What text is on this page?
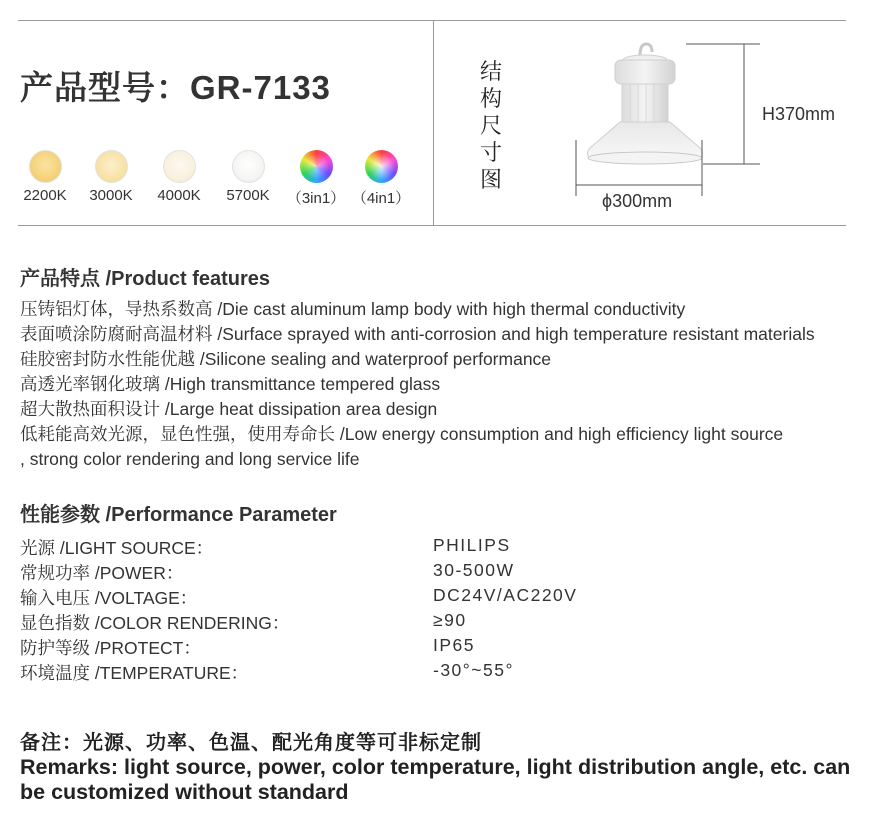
产品型号：GR-7133
2200K	3000K	4000K	5700K	（3in1） （4in1）
结
构
尺
寸
图
H370mm
ϕ300mm
产品特点 /Product features

压铸铝灯体，导热系数高 /Die cast aluminum lamp body with high thermal conductivity

表面喷涂防腐耐高温材料 /Surface sprayed with anti-corrosion and high temperature resistant materials

硅胶密封防水性能优越 /Silicone sealing and waterproof performance

高透光率钢化玻璃 /High transmittance tempered glass

超大散热面积设计 /Large heat dissipation area design

低耗能高效光源，显色性强，使用寿命长 /Low energy consumption and high efficiency light source

, strong color rendering and long service life

性能参数 /Performance Parameter
光源 /LIGHT SOURCE：	PHILIPS
常规功率 /POWER：	30-500W
输入电压 /VOLTAGE：	DC24V/AC220V
显色指数 /COLOR RENDERING：	≥90
防护等级 /PROTECT：	IP65
环境温度 /TEMPERATURE：	-30°~55°
备注：光源、功率、色温、配光角度等可非标定制
Remarks: light source, power, color temperature, light distribution angle, etc. can be customized without standard
